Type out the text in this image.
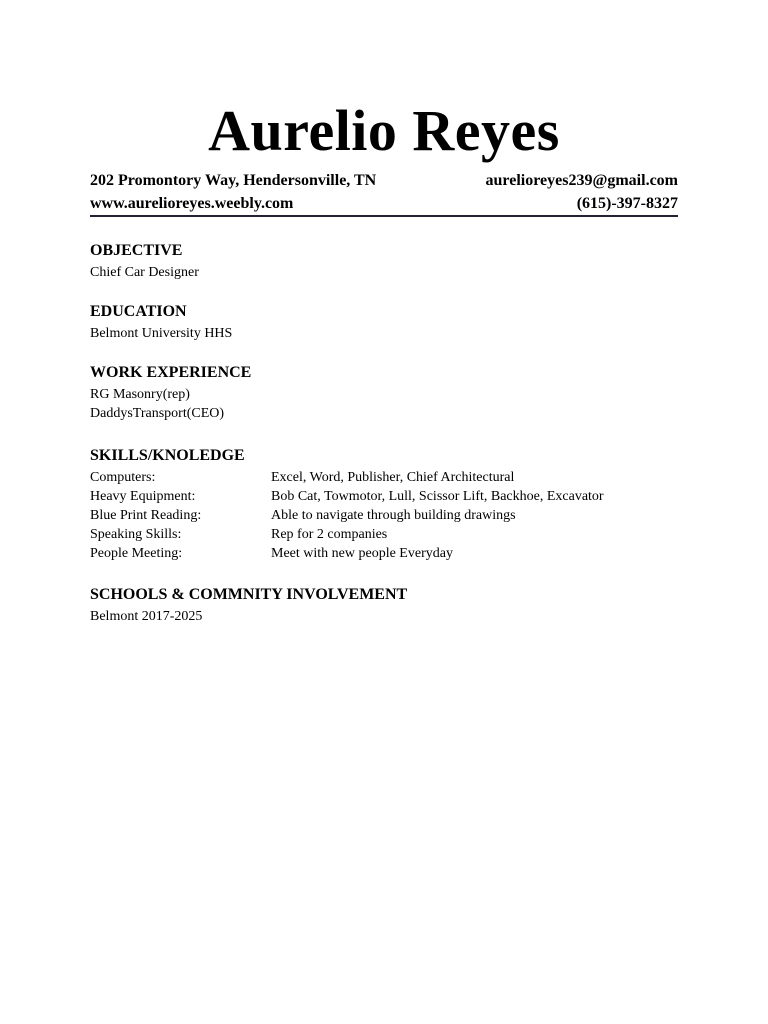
Aurelio Reyes
202 Promontory Way, Hendersonville, TN	aurelioreyes239@gmail.com
www.aurelioreyes.weebly.com	(615)-397-8327
OBJECTIVE
Chief Car Designer
EDUCATION
Belmont University HHS
WORK EXPERIENCE
RG Masonry(rep)
DaddysTransport(CEO)
SKILLS/KNOLEDGE
Computers:	Excel, Word, Publisher, Chief Architectural
Heavy Equipment:	Bob Cat, Towmotor, Lull, Scissor Lift, Backhoe, Excavator
Blue Print Reading:	Able to navigate through building drawings
Speaking Skills:	Rep for 2 companies
People Meeting:	Meet with new people Everyday
SCHOOLS & COMMNITY INVOLVEMENT
Belmont 2017-2025
